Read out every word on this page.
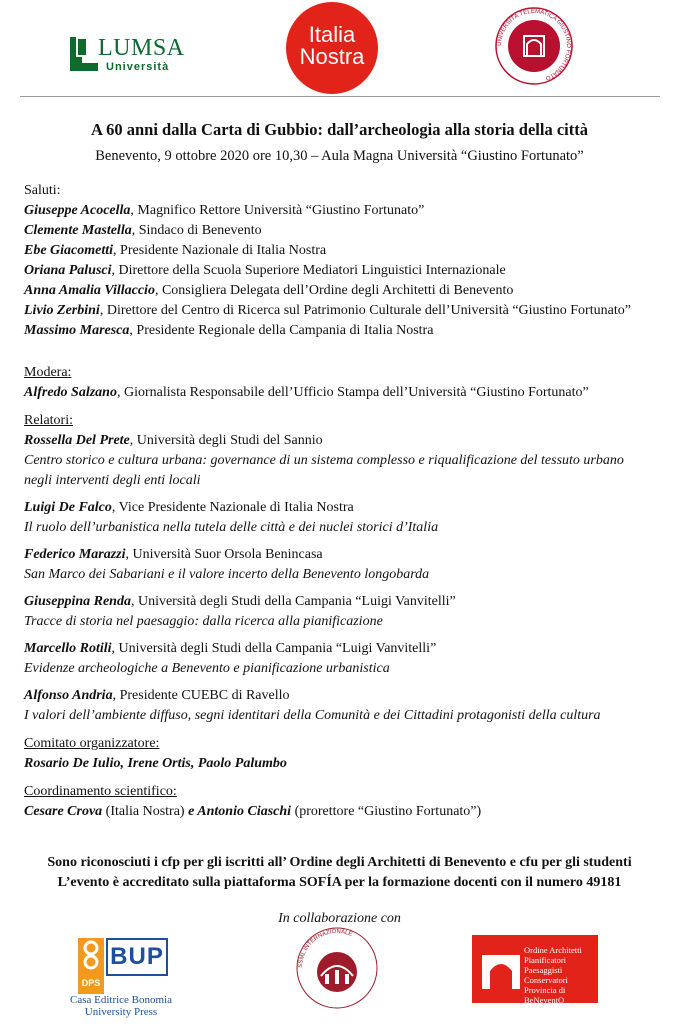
LUMSA
Università
Italia
Nostra
UNIVERSITÀ TELEMATICA GIUSTINO FORTUNATO
A 60 anni dalla Carta di Gubbio: dall’archeologia alla storia della città
Benevento, 9 ottobre 2020 ore 10,30 – Aula Magna Università “Giustino Fortunato”
Saluti:
Giuseppe Acocella, Magnifico Rettore Università “Giustino Fortunato”
Clemente Mastella, Sindaco di Benevento
Ebe Giacometti, Presidente Nazionale di Italia Nostra
Oriana Palusci, Direttore della Scuola Superiore Mediatori Linguistici Internazionale
Anna Amalia Villaccio, Consigliera Delegata dell’Ordine degli Architetti di Benevento
Livio Zerbini, Direttore del Centro di Ricerca sul Patrimonio Culturale dell’Università “Giustino Fortunato”
Massimo Maresca, Presidente Regionale della Campania di Italia Nostra
Modera:
Alfredo Salzano, Giornalista Responsabile dell’Ufficio Stampa dell’Università “Giustino Fortunato”
Relatori:
Rossella Del Prete, Università degli Studi del Sannio
Centro storico e cultura urbana: governance di un sistema complesso e riqualificazione del tessuto urbano
negli interventi degli enti locali
Luigi De Falco, Vice Presidente Nazionale di Italia Nostra
Il ruolo dell’urbanistica nella tutela delle città e dei nuclei storici d’Italia
Federico Marazzi, Università Suor Orsola Benincasa
San Marco dei Sabariani e il valore incerto della Benevento longobarda
Giuseppina Renda, Università degli Studi della Campania “Luigi Vanvitelli”
Tracce di storia nel paesaggio: dalla ricerca alla pianificazione
Marcello Rotili, Università degli Studi della Campania “Luigi Vanvitelli”
Evidenze archeologiche a Benevento e pianificazione urbanistica
Alfonso Andria, Presidente CUEBC di Ravello
I valori dell’ambiente diffuso, segni identitari della Comunità e dei Cittadini protagonisti della cultura
Comitato organizzatore:
Rosario De Iulio, Irene Ortis, Paolo Palumbo
Coordinamento scientifico:
Cesare Crova (Italia Nostra) e Antonio Ciaschi (prorettore “Giustino Fortunato”)
Sono riconosciuti i cfp per gli iscritti all’ Ordine degli Architetti di Benevento e cfu per gli studenti
L’evento è accreditato sulla piattaforma SOFÍA per la formazione docenti con il numero 49181
In collaborazione con
DPS
BUP
Casa Editrice Bonomia
University Press
SSML INTERNAZIONALE
Ordine Architetti
Pianificatori
Paesaggisti
Conservatori
Provincia di BeNeventO
